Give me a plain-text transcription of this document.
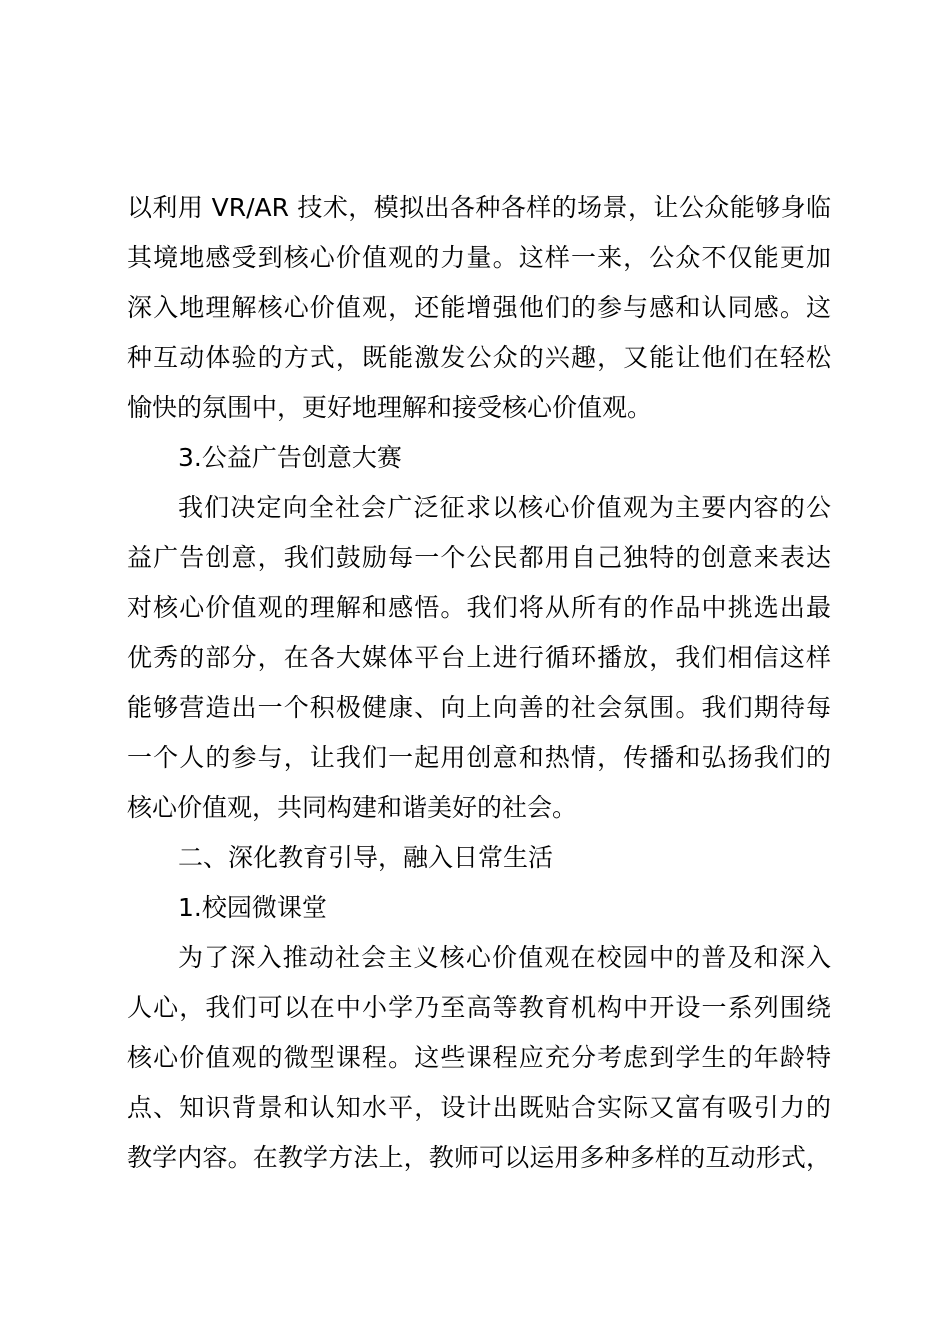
以利用 VR/AR 技术，模拟出各种各样的场景，让公众能够身临
其境地感受到核心价值观的力量。这样一来，公众不仅能更加
深入地理解核心价值观，还能增强他们的参与感和认同感。这
种互动体验的方式，既能激发公众的兴趣，又能让他们在轻松
愉快的氛围中，更好地理解和接受核心价值观。
3.公益广告创意大赛
我们决定向全社会广泛征求以核心价值观为主要内容的公
益广告创意，我们鼓励每一个公民都用自己独特的创意来表达
对核心价值观的理解和感悟。我们将从所有的作品中挑选出最
优秀的部分，在各大媒体平台上进行循环播放，我们相信这样
能够营造出一个积极健康、向上向善的社会氛围。我们期待每
一个人的参与，让我们一起用创意和热情，传播和弘扬我们的
核心价值观，共同构建和谐美好的社会。
二、深化教育引导，融入日常生活
1.校园微课堂
为了深入推动社会主义核心价值观在校园中的普及和深入
人心，我们可以在中小学乃至高等教育机构中开设一系列围绕
核心价值观的微型课程。这些课程应充分考虑到学生的年龄特
点、知识背景和认知水平，设计出既贴合实际又富有吸引力的
教学内容。在教学方法上，教师可以运用多种多样的互动形式，
